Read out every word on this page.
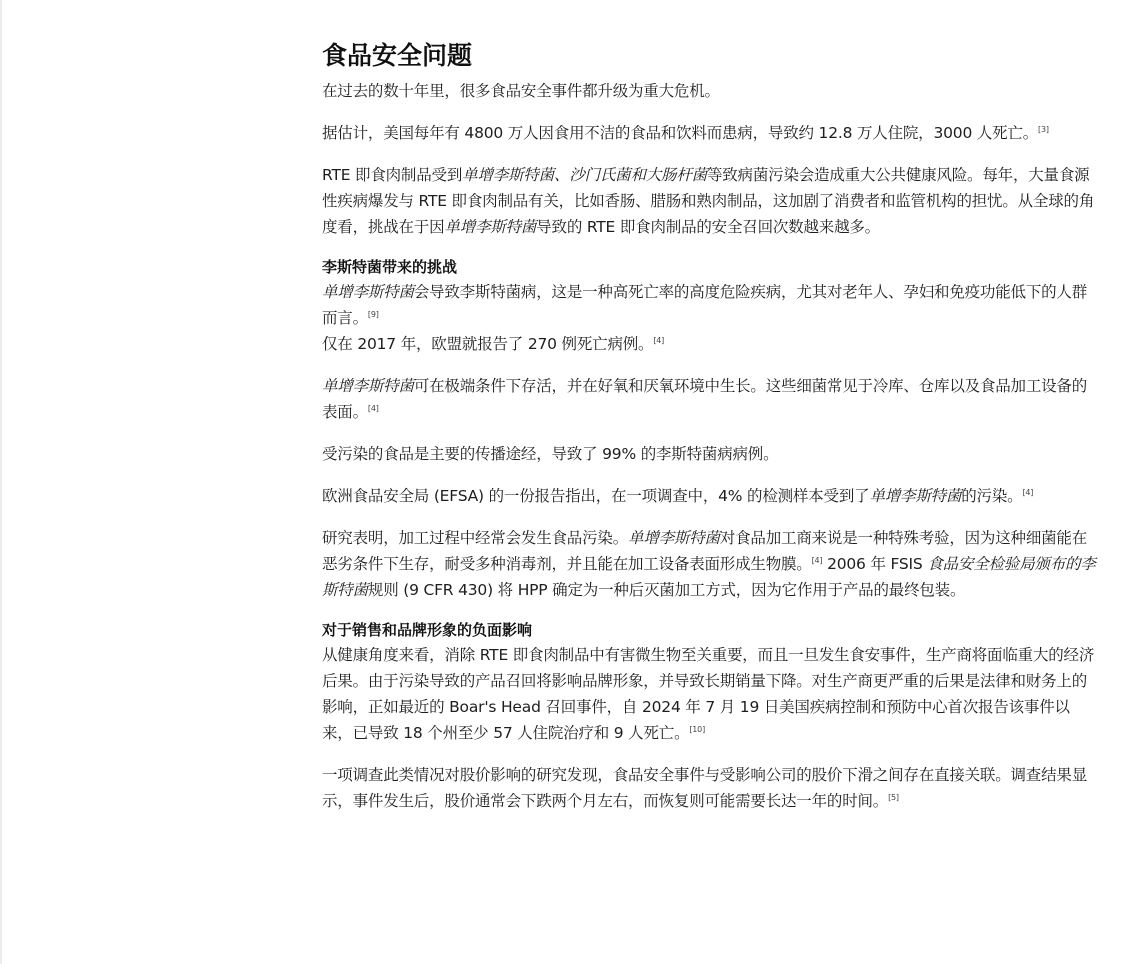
食品安全问题

在过去的数十年里，很多食品安全事件都升级为重大危机。

据估计，美国每年有 4800 万人因食用不洁的食品和饮料而患病，导致约 12.8 万人住院，3000 人死亡。[3]

RTE 即食肉制品受到单增李斯特菌、沙门氏菌和大肠杆菌等致病菌污染会造成重大公共健康风险。每年，大量食源性疾病爆发与 RTE 即食肉制品有关，比如香肠、腊肠和熟肉制品，这加剧了消费者和监管机构的担忧。从全球的角度看，挑战在于因单增李斯特菌导致的 RTE 即食肉制品的安全召回次数越来越多。

李斯特菌带来的挑战

单增李斯特菌会导致李斯特菌病，这是一种高死亡率的高度危险疾病，尤其对老年人、孕妇和免疫功能低下的人群而言。[9]

仅在 2017 年，欧盟就报告了 270 例死亡病例。[4]

单增李斯特菌可在极端条件下存活，并在好氧和厌氧环境中生长。这些细菌常见于冷库、仓库以及食品加工设备的表面。[4]

受污染的食品是主要的传播途经，导致了 99% 的李斯特菌病病例。

欧洲食品安全局 (EFSA) 的一份报告指出，在一项调查中，4% 的检测样本受到了单增李斯特菌的污染。[4]

研究表明，加工过程中经常会发生食品污染。单增李斯特菌对食品加工商来说是一种特殊考验，因为这种细菌能在恶劣条件下生存，耐受多种消毒剂，并且能在加工设备表面形成生物膜。[4] 2006 年 FSIS 食品安全检验局颁布的李斯特菌规则 (9 CFR 430) 将 HPP 确定为一种后灭菌加工方式，因为它作用于产品的最终包装。

对于销售和品牌形象的负面影响

从健康角度来看，消除 RTE 即食肉制品中有害微生物至关重要，而且一旦发生食安事件，生产商将面临重大的经济后果。由于污染导致的产品召回将影响品牌形象，并导致长期销量下降。对生产商更严重的后果是法律和财务上的影响，正如最近的 Boar's Head 召回事件，自 2024 年 7 月 19 日美国疾病控制和预防中心首次报告该事件以来，已导致 18 个州至少 57 人住院治疗和 9 人死亡。[10]

一项调查此类情况对股价影响的研究发现，食品安全事件与受影响公司的股价下滑之间存在直接关联。调查结果显示，事件发生后，股价通常会下跌两个月左右，而恢复则可能需要长达一年的时间。[5]
